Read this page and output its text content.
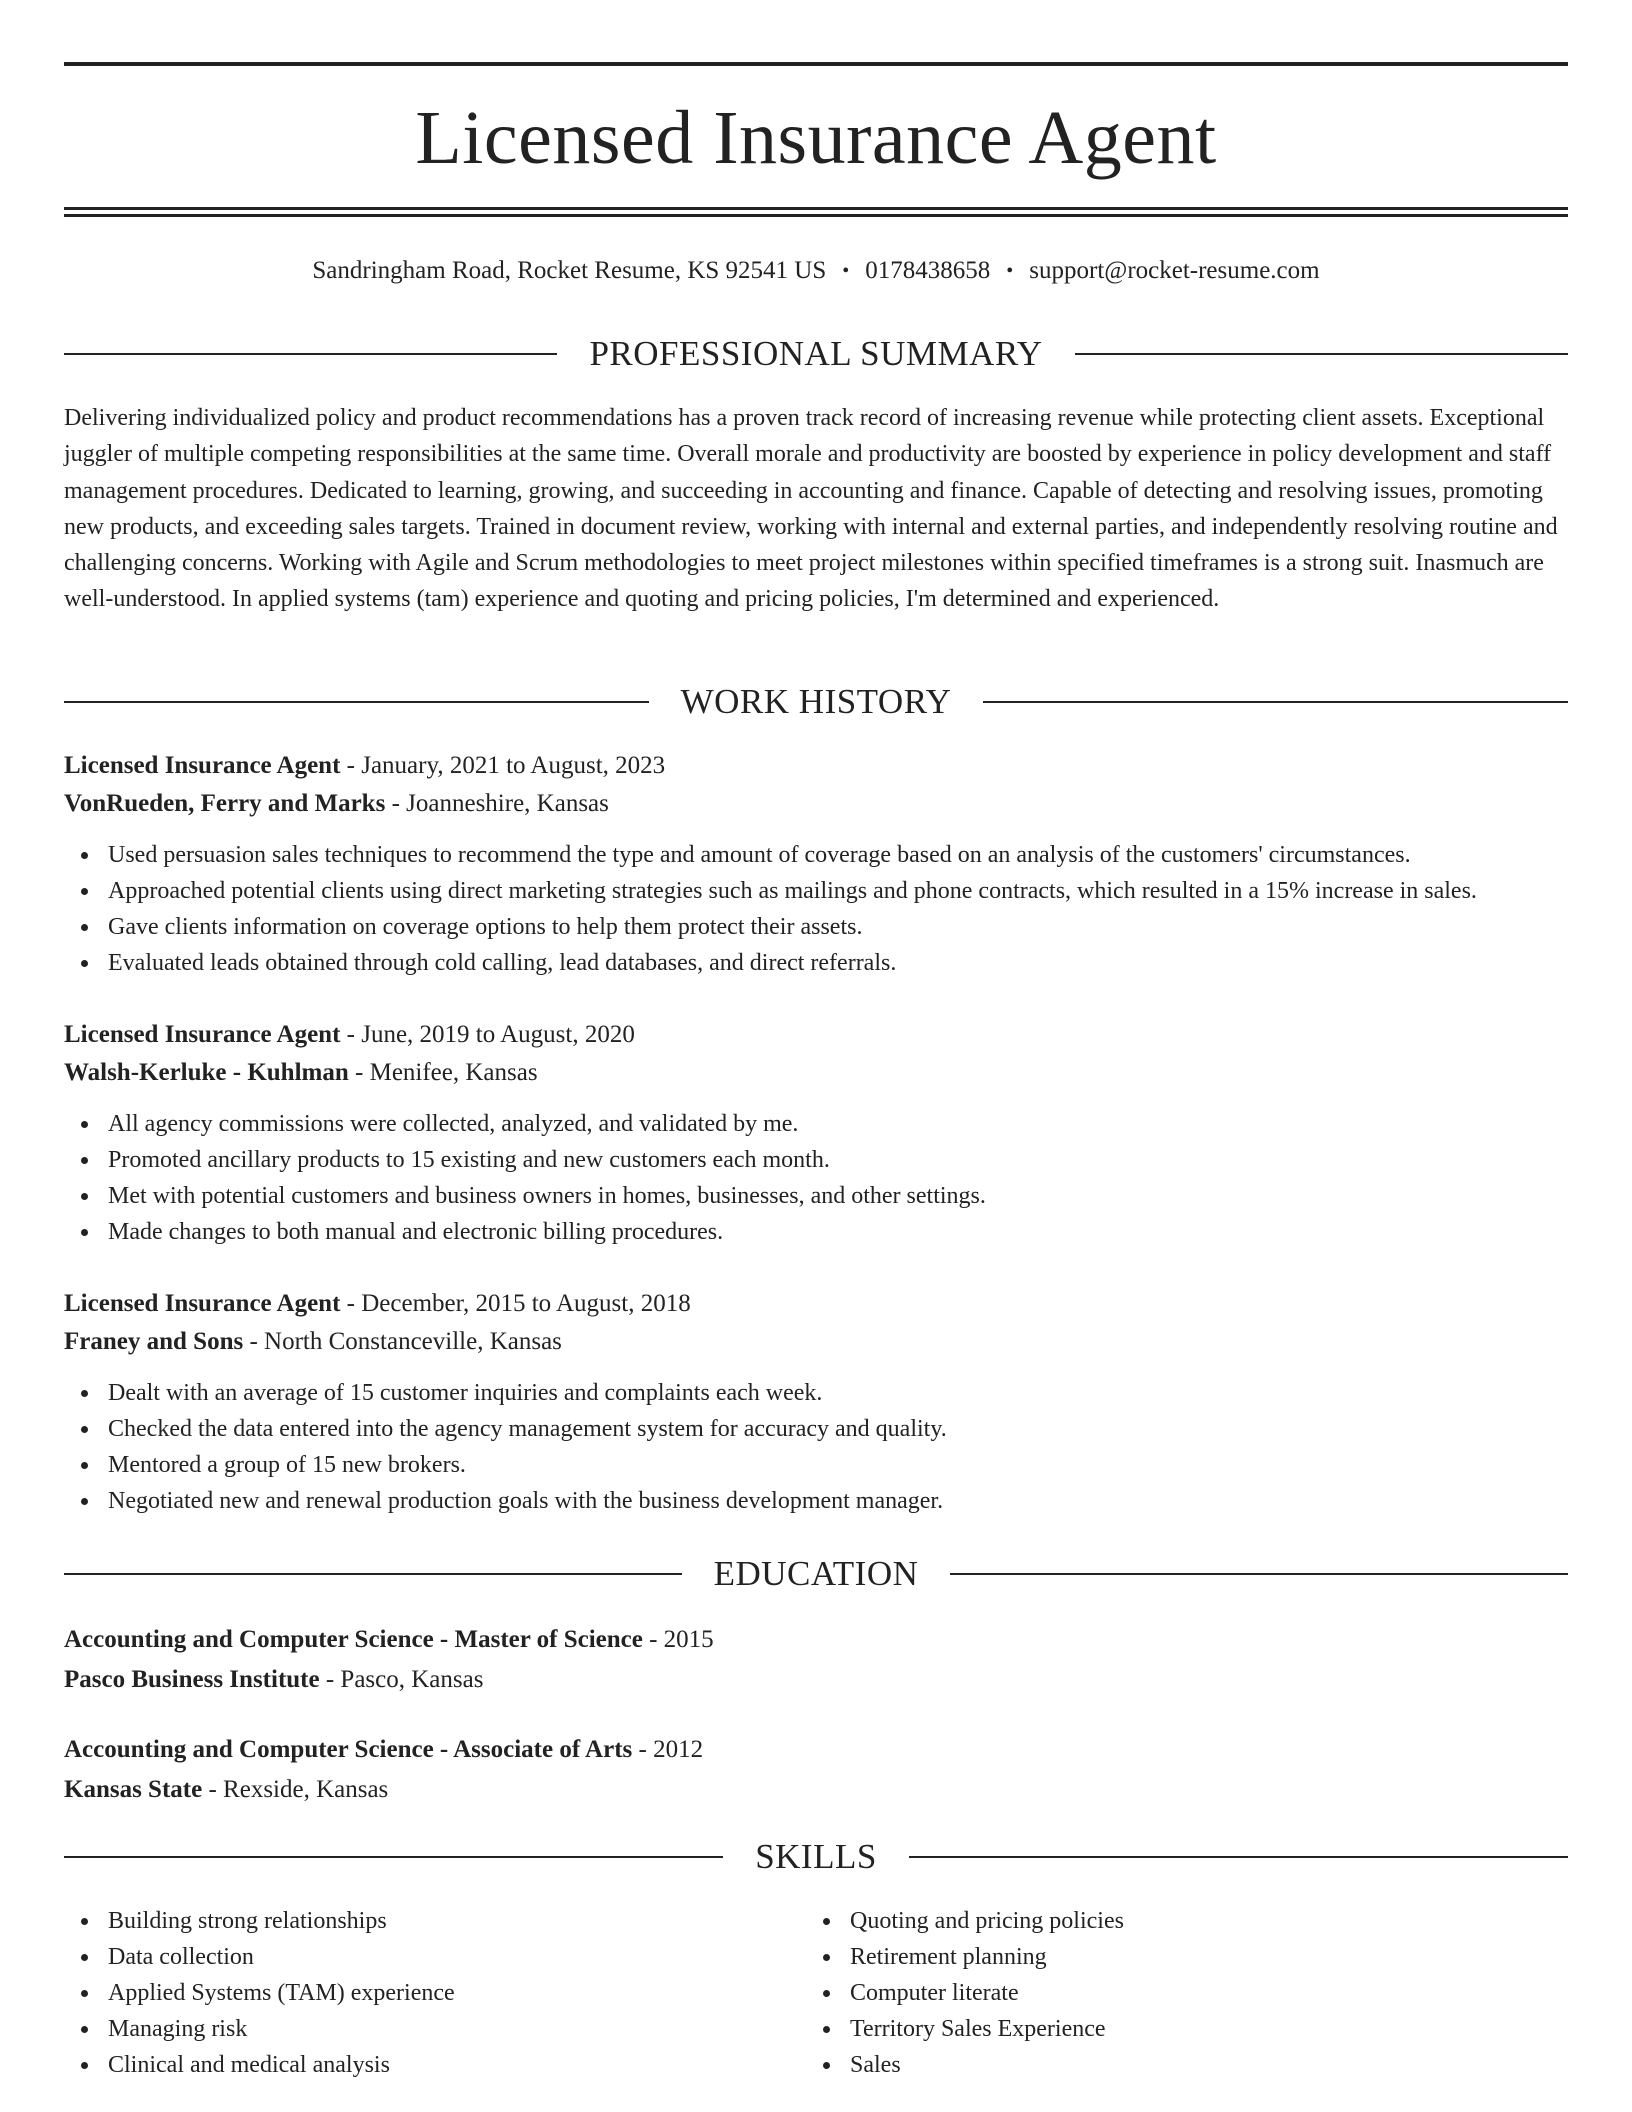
Licensed Insurance Agent
Sandringham Road, Rocket Resume, KS 92541 US • 0178438658 • support@rocket-resume.com
PROFESSIONAL SUMMARY

Delivering individualized policy and product recommendations has a proven track record of increasing revenue while protecting client assets. Exceptional juggler of multiple competing responsibilities at the same time. Overall morale and productivity are boosted by experience in policy development and staff management procedures. Dedicated to learning, growing, and succeeding in accounting and finance. Capable of detecting and resolving issues, promoting new products, and exceeding sales targets. Trained in document review, working with internal and external parties, and independently resolving routine and challenging concerns. Working with Agile and Scrum methodologies to meet project milestones within specified timeframes is a strong suit. Inasmuch are well-understood. In applied systems (tam) experience and quoting and pricing policies, I'm determined and experienced.

WORK HISTORY
Licensed Insurance Agent - January, 2021 to August, 2023
VonRueden, Ferry and Marks - Joanneshire, Kansas
Used persuasion sales techniques to recommend the type and amount of coverage based on an analysis of the customers' circumstances.
Approached potential clients using direct marketing strategies such as mailings and phone contracts, which resulted in a 15% increase in sales.
Gave clients information on coverage options to help them protect their assets.
Evaluated leads obtained through cold calling, lead databases, and direct referrals.
Licensed Insurance Agent - June, 2019 to August, 2020
Walsh-Kerluke - Kuhlman - Menifee, Kansas
All agency commissions were collected, analyzed, and validated by me.
Promoted ancillary products to 15 existing and new customers each month.
Met with potential customers and business owners in homes, businesses, and other settings.
Made changes to both manual and electronic billing procedures.
Licensed Insurance Agent - December, 2015 to August, 2018
Franey and Sons - North Constanceville, Kansas
Dealt with an average of 15 customer inquiries and complaints each week.
Checked the data entered into the agency management system for accuracy and quality.
Mentored a group of 15 new brokers.
Negotiated new and renewal production goals with the business development manager.
EDUCATION
Accounting and Computer Science - Master of Science - 2015
Pasco Business Institute - Pasco, Kansas
Accounting and Computer Science - Associate of Arts - 2012
Kansas State - Rexside, Kansas
SKILLS
Building strong relationships
Data collection
Applied Systems (TAM) experience
Managing risk
Clinical and medical analysis
Quoting and pricing policies
Retirement planning
Computer literate
Territory Sales Experience
Sales
